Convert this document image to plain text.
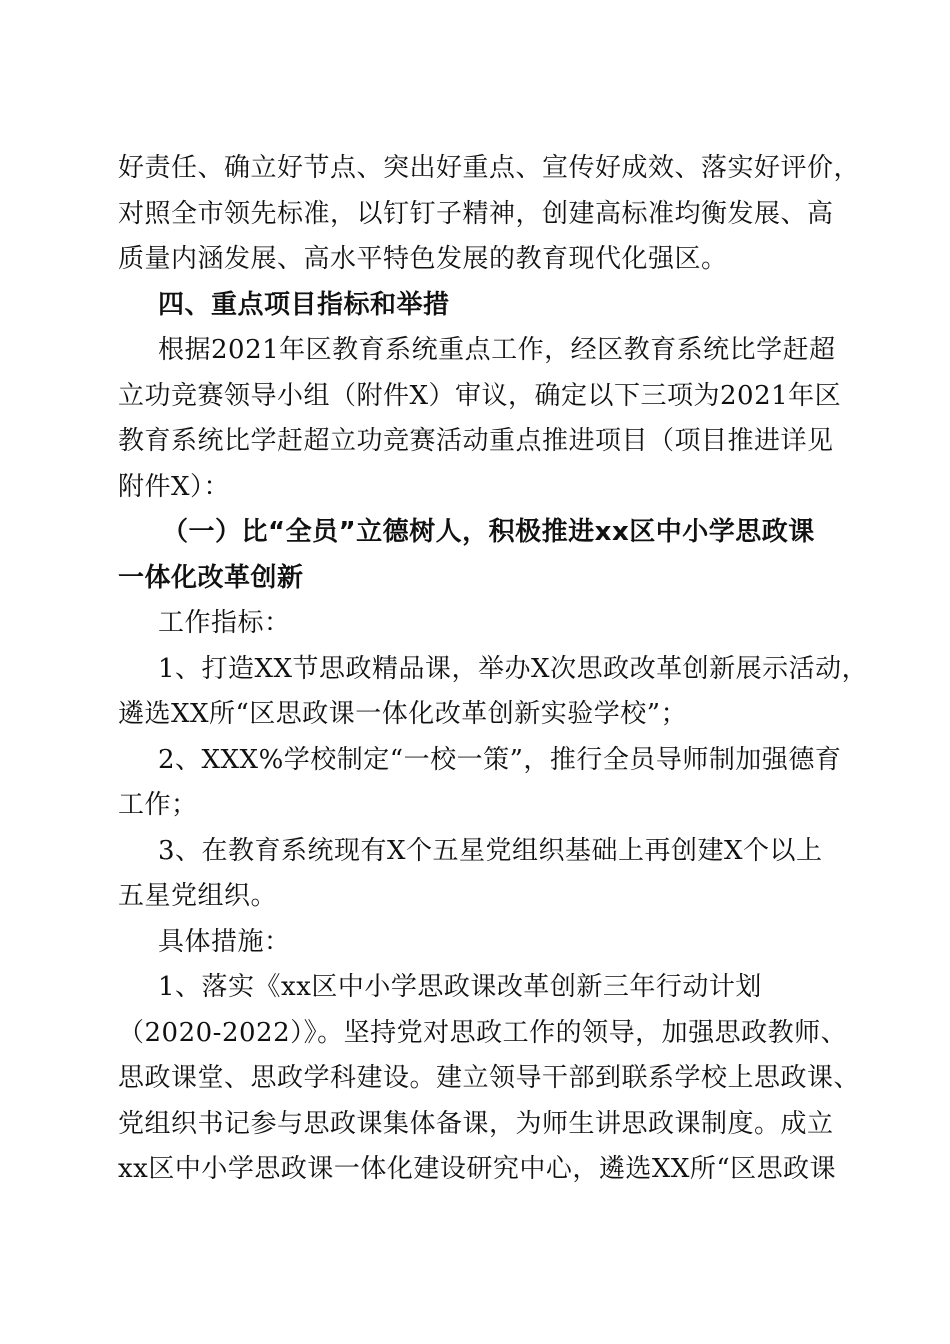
好责任、确立好节点、突出好重点、宣传好成效、落实好评价，
对照全市领先标准，以钉钉子精神，创建高标准均衡发展、高
质量内涵发展、高水平特色发展的教育现代化强区。
四、重点项目指标和举措
根据2021年区教育系统重点工作，经区教育系统比学赶超
立功竞赛领导小组（附件X）审议，确定以下三项为2021年区
教育系统比学赶超立功竞赛活动重点推进项目（项目推进详见
附件X）：
（一）比“全员”立德树人，积极推进xx区中小学思政课
一体化改革创新
工作指标：
1、打造XX节思政精品课，举办X次思政改革创新展示活动，
遴选XX所“区思政课一体化改革创新实验学校”；
2、XXX%学校制定“一校一策”，推行全员导师制加强德育
工作；
3、在教育系统现有X个五星党组织基础上再创建X个以上
五星党组织。
具体措施：
1、落实《xx区中小学思政课改革创新三年行动计划
（2020-2022）》。坚持党对思政工作的领导，加强思政教师、
思政课堂、思政学科建设。建立领导干部到联系学校上思政课、
党组织书记参与思政课集体备课，为师生讲思政课制度。成立
xx区中小学思政课一体化建设研究中心，遴选XX所“区思政课
